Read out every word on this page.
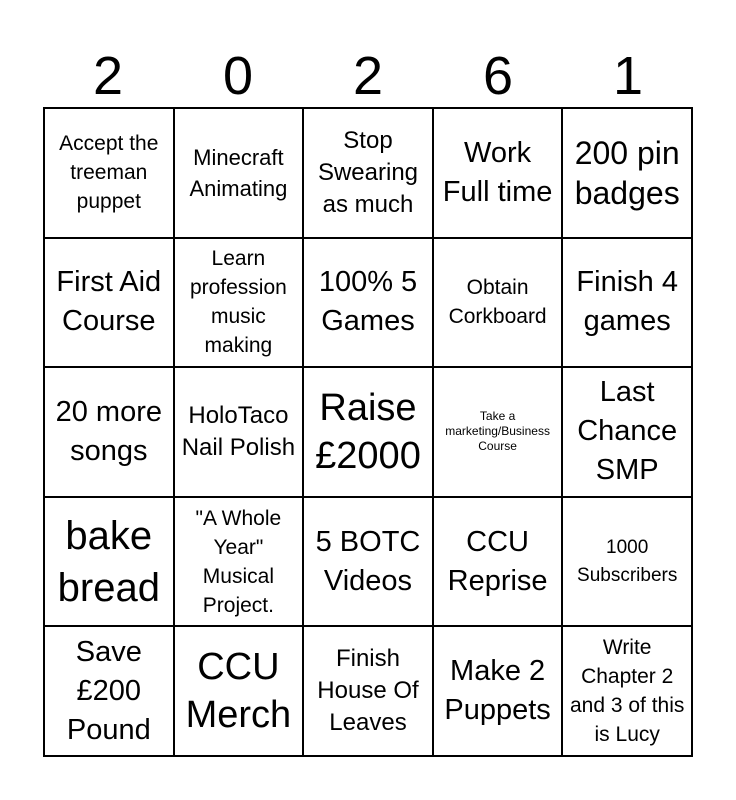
2	0	2	6	1
Accept the treeman puppet
Minecraft Animating
Stop Swearing as much
Work Full time
200 pin badges
First Aid Course
Learn profession music making
100% 5 Games
Obtain Corkboard
Finish 4 games
20 more songs
HoloTaco Nail Polish
Raise £2000
Take a marketing/Business Course
Last Chance SMP
bake bread
"A Whole Year" Musical Project.
5 BOTC Videos
CCU Reprise
1000 Subscribers
Save £200 Pound
CCU Merch
Finish House Of Leaves
Make 2 Puppets
Write Chapter 2 and 3 of this is Lucy
